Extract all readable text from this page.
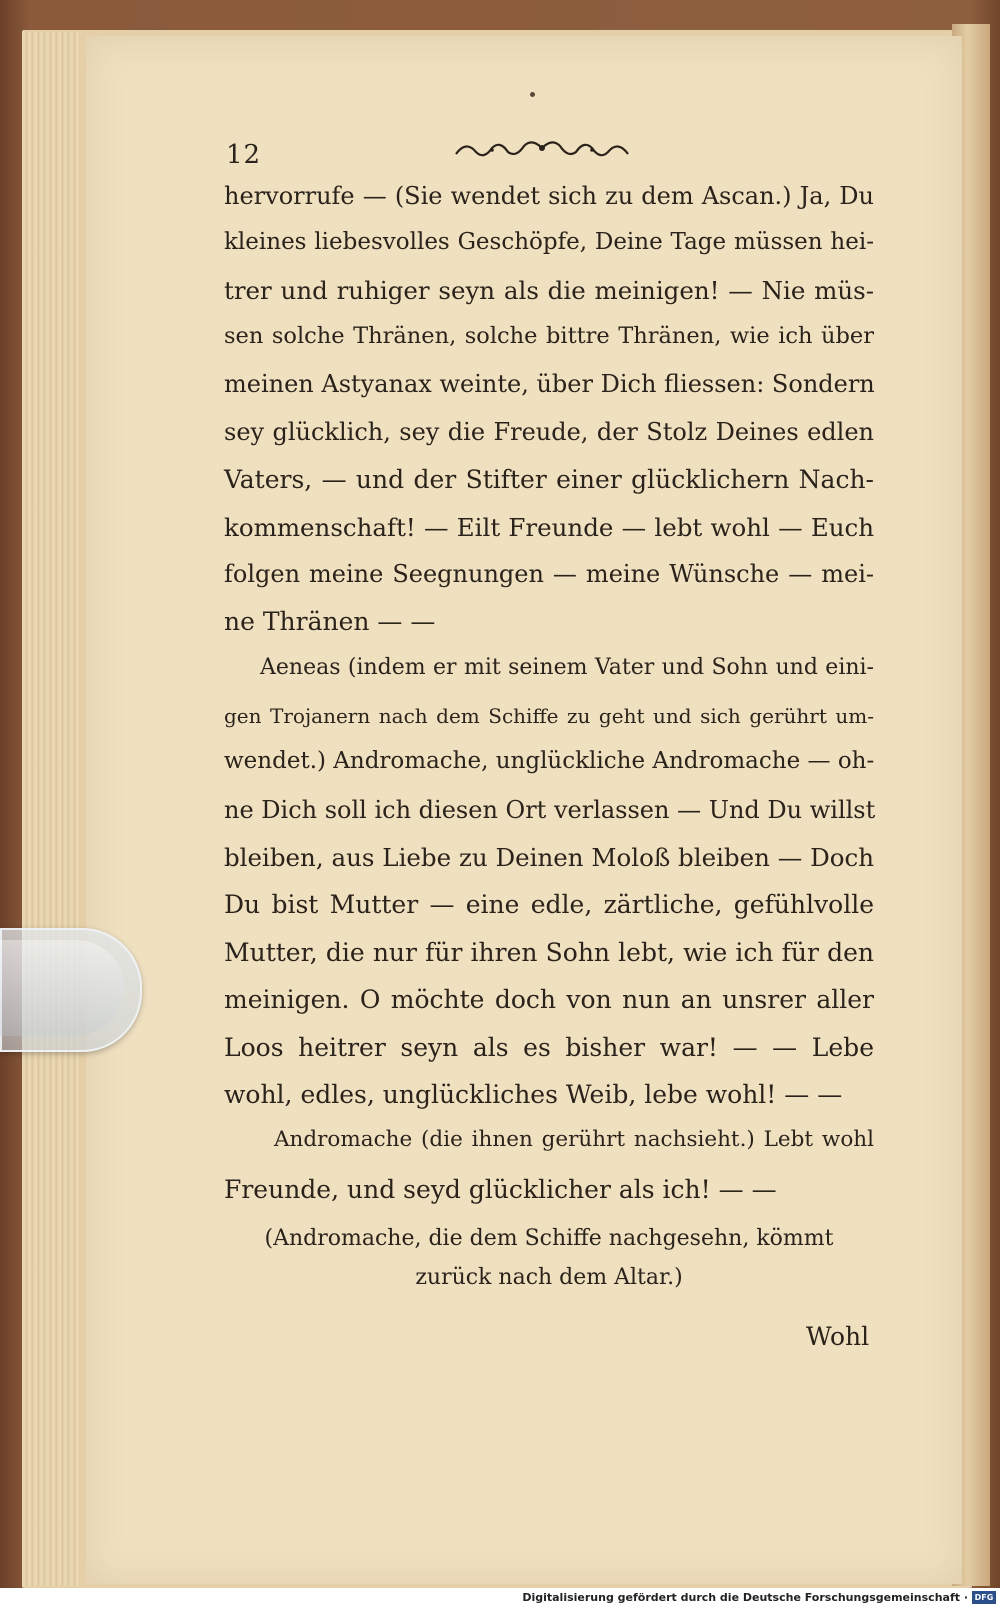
12
hervorrufe — (Sie wendet sich zu dem Ascan.) Ja, Du
kleines liebesvolles Geschöpfe, Deine Tage müssen hei-
trer und ruhiger seyn als die meinigen! — Nie müs-
sen solche Thränen, solche bittre Thränen, wie ich über
meinen Astyanax weinte, über Dich fliessen: Sondern
sey glücklich, sey die Freude, der Stolz Deines edlen
Vaters, — und der Stifter einer glücklichern Nach-
kommenschaft! — Eilt Freunde — lebt wohl — Euch
folgen meine Seegnungen — meine Wünsche — mei-
ne Thränen — —
Aeneas (indem er mit seinem Vater und Sohn und eini-
gen Trojanern nach dem Schiffe zu geht und sich gerührt um-
wendet.) Andromache, unglückliche Andromache — oh-
ne Dich soll ich diesen Ort verlassen — Und Du willst
bleiben, aus Liebe zu Deinen Moloß bleiben — Doch
Du bist Mutter — eine edle, zärtliche, gefühlvolle
Mutter, die nur für ihren Sohn lebt, wie ich für den
meinigen. O möchte doch von nun an unsrer aller
Loos heitrer seyn als es bisher war! — — Lebe
wohl, edles, unglückliches Weib, lebe wohl! — —
Andromache (die ihnen gerührt nachsieht.) Lebt wohl
Freunde, und seyd glücklicher als ich! — —
(Andromache, die dem Schiffe nachgesehn, kömmt
zurück nach dem Altar.)
Wohl
Digitalisierung gefördert durch die Deutsche Forschungsgemeinschaft · DFG
